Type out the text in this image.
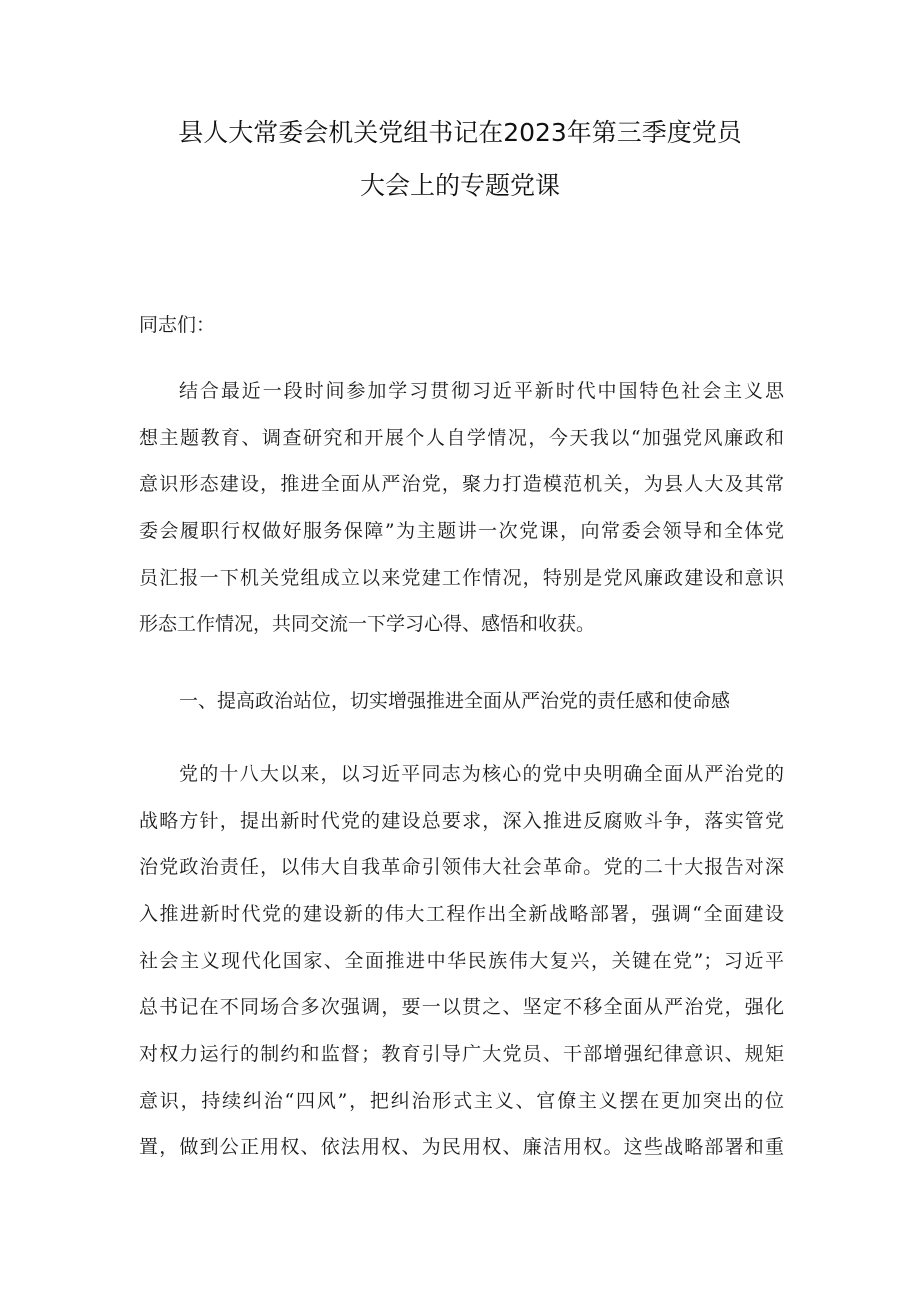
县人大常委会机关党组书记在2023年第三季度党员
大会上的专题党课
同志们：
结合最近一段时间参加学习贯彻习近平新时代中国特色社会主义思
想主题教育、调查研究和开展个人自学情况，今天我以“加强党风廉政和
意识形态建设，推进全面从严治党，聚力打造模范机关，为县人大及其常
委会履职行权做好服务保障”为主题讲一次党课，向常委会领导和全体党
员汇报一下机关党组成立以来党建工作情况，特别是党风廉政建设和意识
形态工作情况，共同交流一下学习心得、感悟和收获。
一、提高政治站位，切实增强推进全面从严治党的责任感和使命感
党的十八大以来，以习近平同志为核心的党中央明确全面从严治党的
战略方针，提出新时代党的建设总要求，深入推进反腐败斗争，落实管党
治党政治责任，以伟大自我革命引领伟大社会革命。党的二十大报告对深
入推进新时代党的建设新的伟大工程作出全新战略部署，强调“全面建设
社会主义现代化国家、全面推进中华民族伟大复兴，关键在党”；习近平
总书记在不同场合多次强调，要一以贯之、坚定不移全面从严治党，强化
对权力运行的制约和监督；教育引导广大党员、干部增强纪律意识、规矩
意识，持续纠治“四风”，把纠治形式主义、官僚主义摆在更加突出的位
置，做到公正用权、依法用权、为民用权、廉洁用权。这些战略部署和重
